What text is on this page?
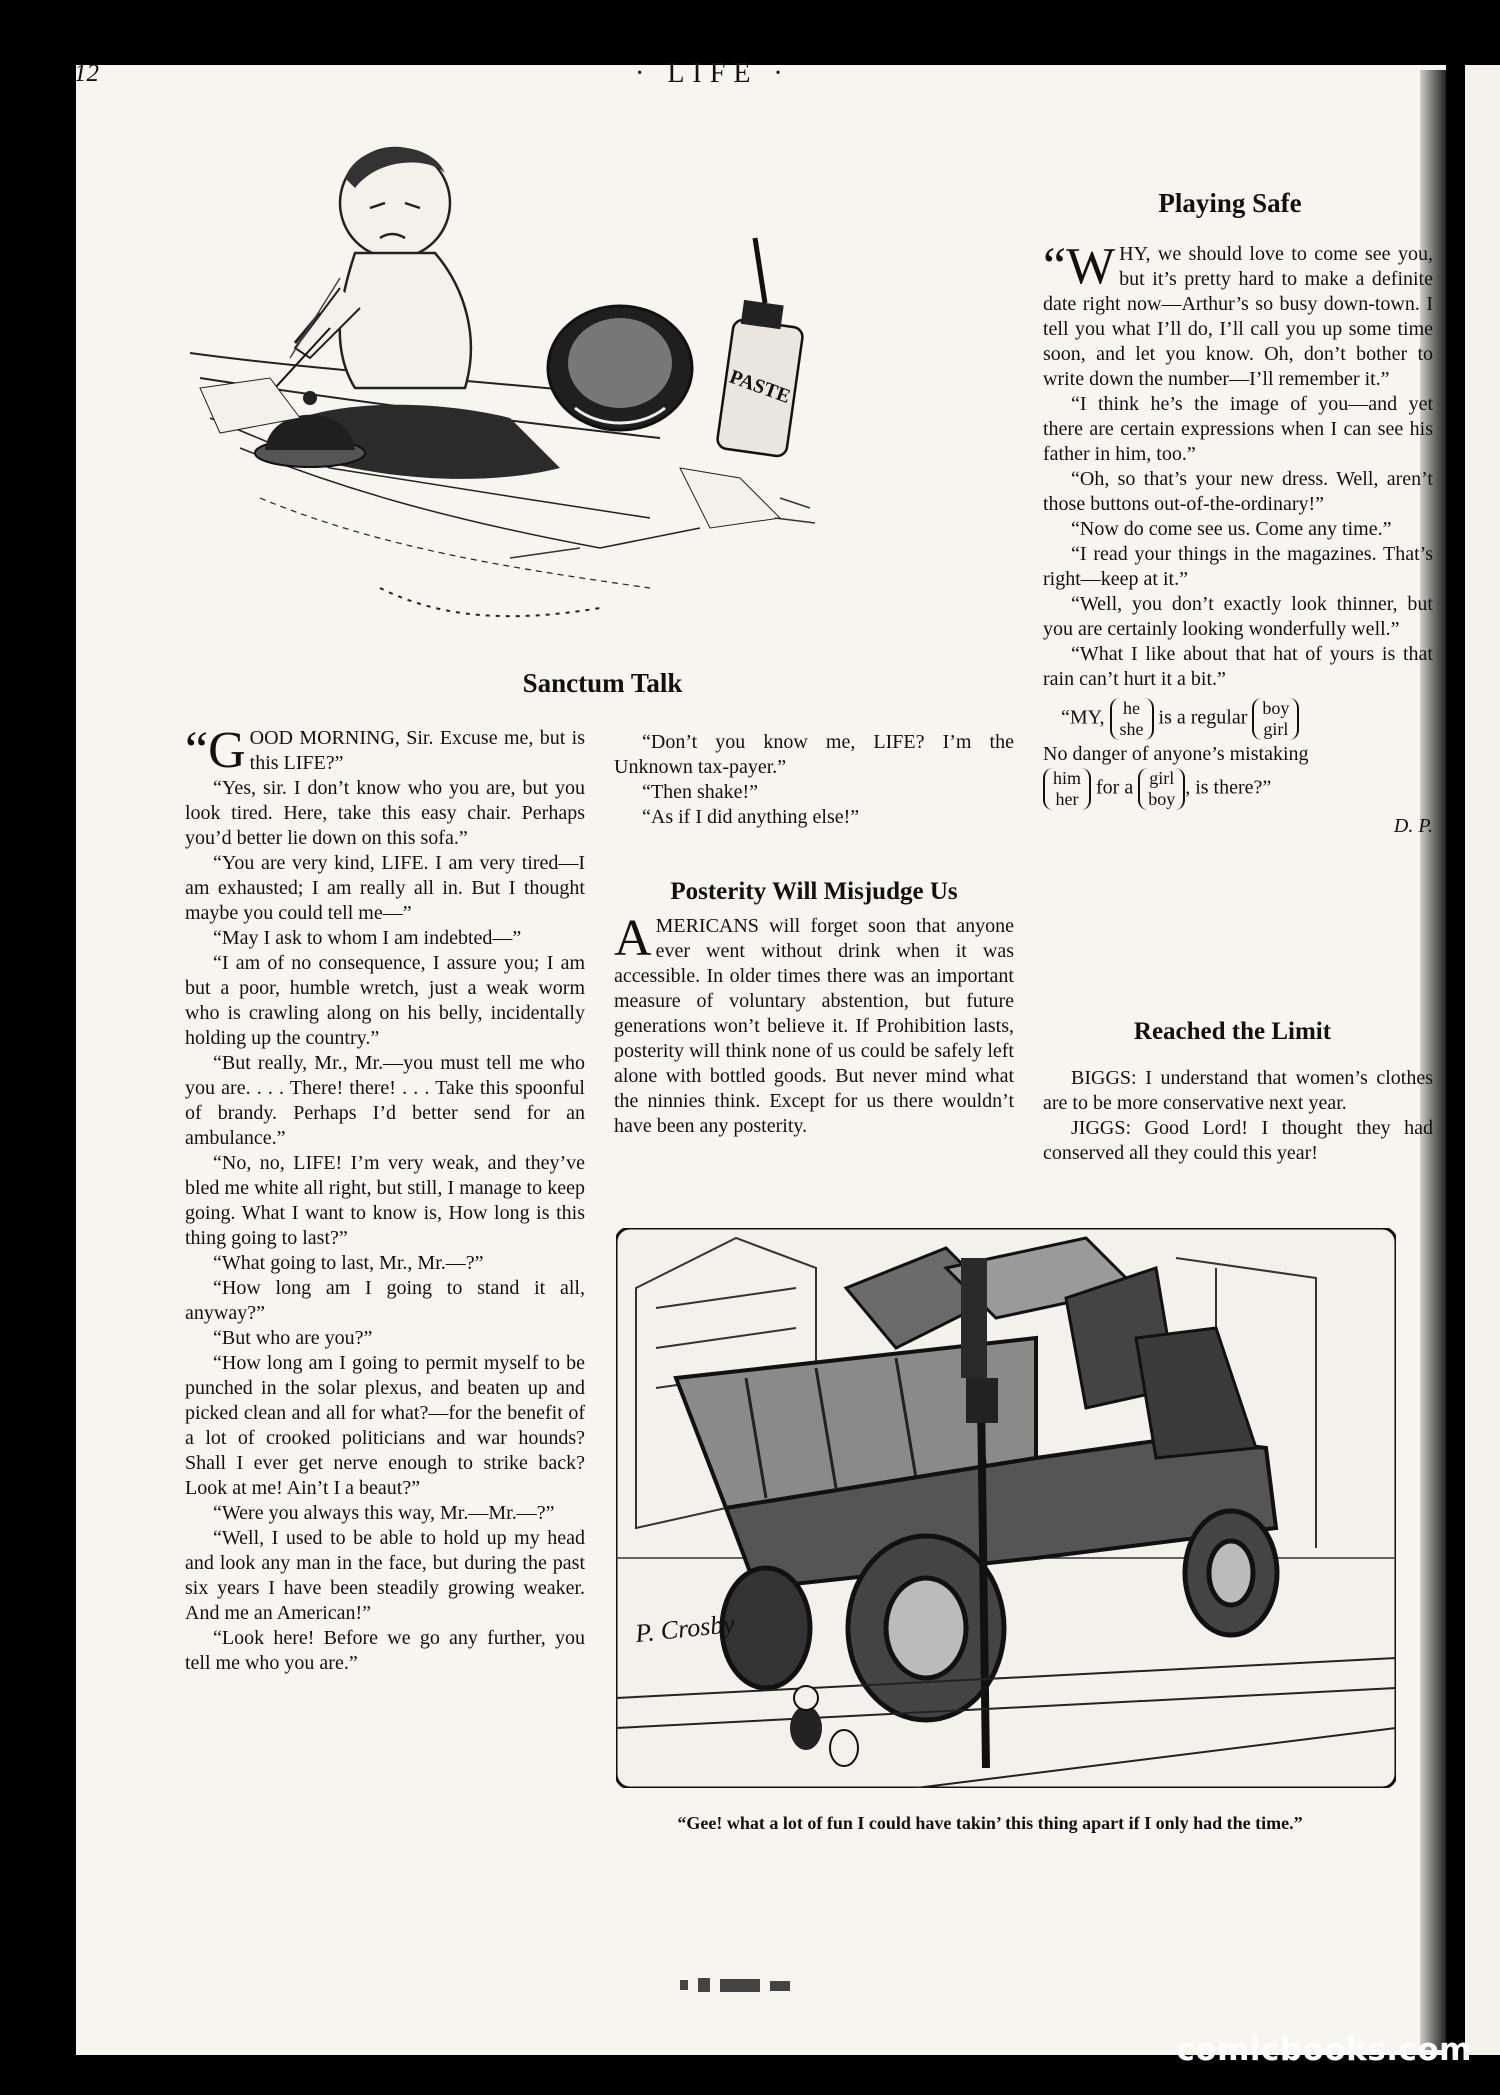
12	· LIFE ·
PASTE
Sanctum Talk

“GOOD MORNING, Sir. Excuse me, but is this LIFE?”

“Yes, sir. I don’t know who you are, but you look tired. Here, take this easy chair. Perhaps you’d better lie down on this sofa.”

“You are very kind, LIFE. I am very tired—I am exhausted; I am really all in. But I thought maybe you could tell me—”

“May I ask to whom I am indebted—”

“I am of no consequence, I assure you; I am but a poor, humble wretch, just a weak worm who is crawling along on his belly, incidentally holding up the country.”

“But really, Mr., Mr.—you must tell me who you are. . . . There! there! . . . Take this spoonful of brandy. Perhaps I’d better send for an ambulance.”

“No, no, LIFE! I’m very weak, and they’ve bled me white all right, but still, I manage to keep going. What I want to know is, How long is this thing going to last?”

“What going to last, Mr., Mr.—?”

“How long am I going to stand it all, anyway?”

“But who are you?”

“How long am I going to permit myself to be punched in the solar plexus, and beaten up and picked clean and all for what?—for the benefit of a lot of crooked politicians and war hounds? Shall I ever get nerve enough to strike back? Look at me! Ain’t I a beaut?”

“Were you always this way, Mr.—Mr.—?”

“Well, I used to be able to hold up my head and look any man in the face, but during the past six years I have been steadily growing weaker. And me an American!”

“Look here! Before we go any further, you tell me who you are.”

“Don’t you know me, LIFE? I’m the Unknown tax-payer.”

“Then shake!”

“As if I did anything else!”

Posterity Will Misjudge Us

AMERICANS will forget soon that anyone ever went without drink when it was accessible. In older times there was an important measure of voluntary abstention, but future generations won’t believe it. If Prohibition lasts, posterity will think none of us could be safely left alone with bottled goods. But never mind what the ninnies think. Except for us there wouldn’t have been any posterity.

Playing Safe

“WHY, we should love to come see you, but it’s pretty hard to make a definite date right now—Arthur’s so busy down-town. I tell you what I’ll do, I’ll call you up some time soon, and let you know. Oh, don’t bother to write down the number—I’ll remember it.”

“I think he’s the image of you—and yet there are certain expressions when I can see his father in him, too.”

“Oh, so that’s your new dress. Well, aren’t those buttons out-of-the-ordinary!”

“Now do come see us. Come any time.”

“I read your things in the magazines. That’s right—keep at it.”

“Well, you don’t exactly look thinner, but you are certainly looking wonderfully well.”

“What I like about that hat of yours is that rain can’t hurt it a bit.”

“MY, he
she is a regular boy
girl
No danger of anyone’s mistaking
him
her for a girl
boy, is there?”
D. P.
Reached the Limit

BIGGS: I understand that women’s clothes are to be more conservative next year.

JIGGS: Good Lord! I thought they had conserved all they could this year!

P. Crosby
“Gee! what a lot of fun I could have takin’ this thing apart if I only had the time.”
comicbooks.com
